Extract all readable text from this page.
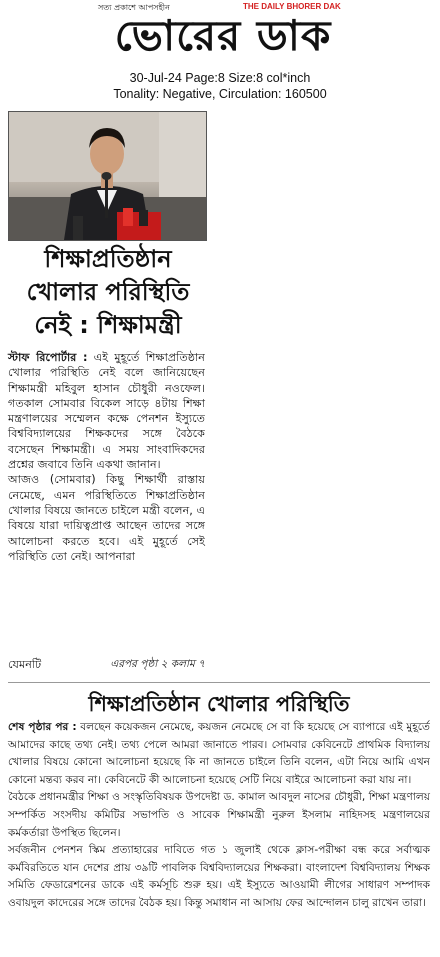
সত্য প্রকাশে আপসহীন	THE DAILY BHORER DAK
ভোরের ডাক
30-Jul-24 Page:8 Size:8 col*inch
Tonality: Negative, Circulation: 160500
শিক্ষাপ্রতিষ্ঠান খোলার পরিস্থিতি নেই : শিক্ষামন্ত্রী

স্টাফ রিপোর্টার : এই মুহূর্তে শিক্ষাপ্রতিষ্ঠান খোলার পরিস্থিতি নেই বলে জানিয়েছেন শিক্ষামন্ত্রী মহিবুল হাসান চৌধুরী নওফেল। গতকাল সোমবার বিকেল সাড়ে ৪টায় শিক্ষা মন্ত্রণালয়ের সম্মেলন কক্ষে পেনশন ইস্যুতে বিশ্ববিদ্যালয়ের শিক্ষকদের সঙ্গে বৈঠকে বসেছেন শিক্ষামন্ত্রী। এ সময় সাংবাদিকদের প্রশ্নের জবাবে তিনি একথা জানান।

আজও (সোমবার) কিছু শিক্ষার্থী রাস্তায় নেমেছে, এমন পরিস্থিতিতে শিক্ষাপ্রতিষ্ঠান খোলার বিষয়ে জানতে চাইলে মন্ত্রী বলেন, এ বিষয়ে যারা দায়িত্বপ্রাপ্ত আছেন তাদের সঙ্গে আলোচনা করতে হবে। এই মুহূর্তে সেই পরিস্থিতি তো নেই। আপনারা

যেমনটি	এরপর পৃষ্ঠা ২ কলাম ৭
শিক্ষাপ্রতিষ্ঠান খোলার পরিস্থিতি

শেষ পৃষ্ঠার পর : বলছেন কয়েকজন নেমেছে, কয়জন নেমেছে সে বা কি হয়েছে সে ব্যাপারে এই মুহূর্তে আমাদের কাছে তথ্য নেই। তথ্য পেলে আমরা জানাতে পারব। সোমবার কেবিনেটে প্রাথমিক বিদ্যালয় খোলার বিষয়ে কোনো আলোচনা হয়েছে কি না জানতে চাইলে তিনি বলেন, এটা নিয়ে আমি এখন কোনো মন্তব্য করব না। কেবিনেটে কী আলোচনা হয়েছে সেটি নিয়ে বাইরে আলোচনা করা যায় না।

বৈঠকে প্রধানমন্ত্রীর শিক্ষা ও সংস্কৃতিবিষয়ক উপদেষ্টা ড. কামাল আবদুল নাসের চৌধুরী, শিক্ষা মন্ত্রণালয় সম্পর্কিত সংসদীয় কমিটির সভাপতি ও সাবেক শিক্ষামন্ত্রী নুরুল ইসলাম নাহিদসহ মন্ত্রণালয়ের কর্মকর্তারা উপস্থিত ছিলেন।

সর্বজনীন পেনশন স্কিম প্রত্যাহারের দাবিতে গত ১ জুলাই থেকে ক্লাস-পরীক্ষা বন্ধ করে সর্বাত্মক কর্মবিরতিতে যান দেশের প্রায় ৩৯টি পাবলিক বিশ্ববিদ্যালয়ের শিক্ষকরা। বাংলাদেশ বিশ্ববিদ্যালয় শিক্ষক সমিতি ফেডারেশনের ডাকে এই কর্মসূচি শুরু হয়। এই ইস্যুতে আওয়ামী লীগের সাধারণ সম্পাদক ওবায়দুল কাদেরের সঙ্গে তাদের বৈঠক হয়। কিন্তু সমাধান না আসায় ফের আন্দোলন চালু রাখেন তারা।
